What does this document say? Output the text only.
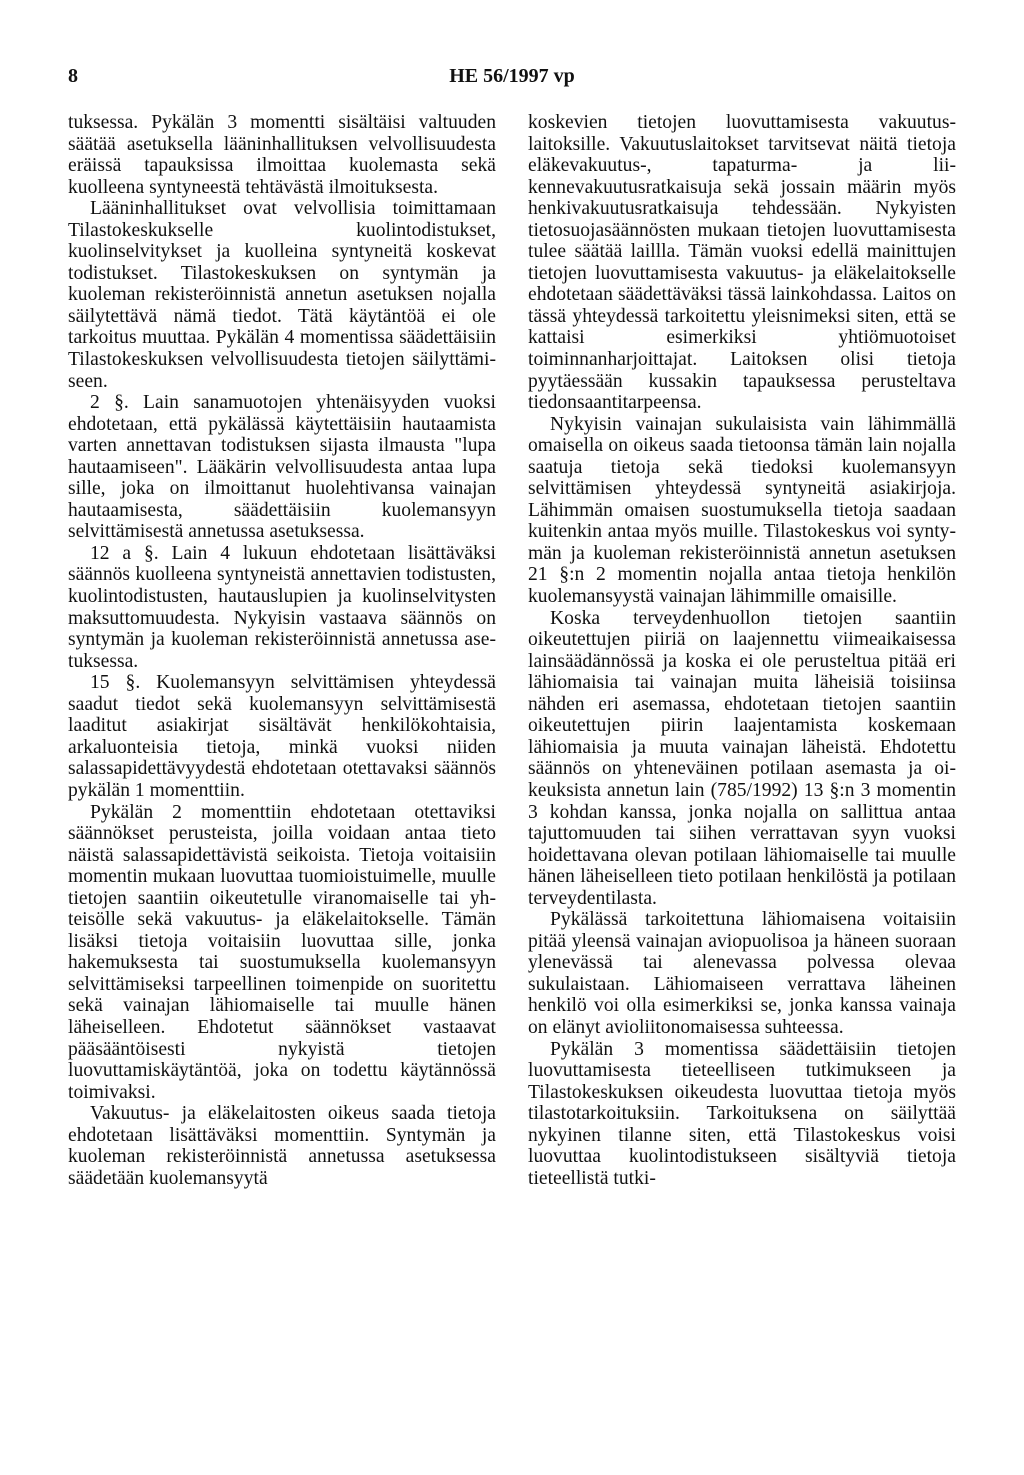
8	HE 56/1997 vp

tuksessa. Pykälän 3 momentti sisältäisi valtuuden säätää asetuksella lääninhallituksen velvollisuudesta eräissä tapauksissa ilmoittaa kuolemasta sekä kuolleena syntyneestä tehtävästä ilmoituksesta.

Lääninhallitukset ovat velvollisia toimittamaan Tilastokeskukselle kuolintodistukset, kuolinselvitykset ja kuolleina syntyneitä koskevat todistukset. Tilastokeskuksen on syntymän ja kuoleman rekisteröinnistä annetun asetuksen nojalla säilytettävä nämä tiedot. Tätä käytäntöä ei ole tarkoitus muuttaa. Pykälän 4 momentissa säädettäisiin Tilastokeskuksen velvollisuudesta tietojen säilyttämiseen.

2 §. Lain sanamuotojen yhtenäisyyden vuoksi ehdotetaan, että pykälässä käytettäisiin hautaamista varten annettavan todistuksen sijasta ilmausta "lupa hautaamiseen". Lääkärin velvollisuudesta antaa lupa sille, joka on ilmoittanut huolehtivansa vainajan hautaamisesta, säädettäisiin kuolemansyyn selvittämisestä annetussa asetuksessa.

12 a §. Lain 4 lukuun ehdotetaan lisättäväksi säännös kuolleena syntyneistä annettavien todistusten, kuolintodistusten, hautauslupien ja kuolinselvitysten maksuttomuudesta. Nykyisin vastaava säännös on syntymän ja kuoleman rekisteröinnistä annetussa asetuksessa.

15 §. Kuolemansyyn selvittämisen yhteydessä saadut tiedot sekä kuolemansyyn selvittämisestä laaditut asiakirjat sisältävät henkilökohtaisia, arkaluonteisia tietoja, minkä vuoksi niiden salassapidettävyydestä ehdotetaan otettavaksi säännös pykälän 1 momenttiin.

Pykälän 2 momenttiin ehdotetaan otettaviksi säännökset perusteista, joilla voidaan antaa tieto näistä salassapidettävistä seikoista. Tietoja voitaisiin momentin mukaan luovuttaa tuomioistuimelle, muulle tietojen saantiin oikeutetulle viranomaiselle tai yhteisölle sekä vakuutus- ja eläkelaitokselle. Tämän lisäksi tietoja voitaisiin luovuttaa sille, jonka hakemuksesta tai suostumuksella kuolemansyyn selvittämiseksi tarpeellinen toimenpide on suoritettu sekä vainajan lähiomaiselle tai muulle hänen läheiselleen. Ehdotetut säännökset vastaavat pääsääntöisesti nykyistä tietojen luovuttamiskäytäntöä, joka on todettu käytännössä toimivaksi.

Vakuutus- ja eläkelaitosten oikeus saada tietoja ehdotetaan lisättäväksi momenttiin. Syntymän ja kuoleman rekisteröinnistä annetussa asetuksessa säädetään kuolemansyytä

koskevien tietojen luovuttamisesta vakuutuslaitoksille. Vakuutuslaitokset tarvitsevat näitä tietoja eläkevakuutus-, tapaturma- ja liikennevakuutusratkaisuja sekä jossain määrin myös henkivakuutusratkaisuja tehdessään. Nykyisten tietosuojasäännösten mukaan tietojen luovuttamisesta tulee säätää laillla. Tämän vuoksi edellä mainittujen tietojen luovuttamisesta vakuutus- ja eläkelaitokselle ehdotetaan säädettäväksi tässä lainkohdassa. Laitos on tässä yhteydessä tarkoitettu yleisnimeksi siten, että se kattaisi esimerkiksi yhtiömuotoiset toiminnanharjoittajat. Laitoksen olisi tietoja pyytäessään kussakin tapauksessa perusteltava tiedonsaantitarpeensa.

Nykyisin vainajan sukulaisista vain lähimmällä omaisella on oikeus saada tietoonsa tämän lain nojalla saatuja tietoja sekä tiedoksi kuolemansyyn selvittämisen yhteydessä syntyneitä asiakirjoja. Lähimmän omaisen suostumuksella tietoja saadaan kuitenkin antaa myös muille. Tilastokeskus voi syntymän ja kuoleman rekisteröinnistä annetun asetuksen 21 §:n 2 momentin nojalla antaa tietoja henkilön kuolemansyystä vainajan lähimmille omaisille.

Koska terveydenhuollon tietojen saantiin oikeutettujen piiriä on laajennettu viimeaikaisessa lainsäädännössä ja koska ei ole perusteltua pitää eri lähiomaisia tai vainajan muita läheisiä toisiinsa nähden eri asemassa, ehdotetaan tietojen saantiin oikeutettujen piirin laajentamista koskemaan lähiomaisia ja muuta vainajan läheistä. Ehdotettu säännös on yhteneväinen potilaan asemasta ja oikeuksista annetun lain (785/1992) 13 §:n 3 momentin 3 kohdan kanssa, jonka nojalla on sallittua antaa tajuttomuuden tai siihen verrattavan syyn vuoksi hoidettavana olevan potilaan lähiomaiselle tai muulle hänen läheiselleen tieto potilaan henkilöstä ja potilaan terveydentilasta.

Pykälässä tarkoitettuna lähiomaisena voitaisiin pitää yleensä vainajan aviopuolisoa ja häneen suoraan ylenevässä tai alenevassa polvessa olevaa sukulaistaan. Lähiomaiseen verrattava läheinen henkilö voi olla esimerkiksi se, jonka kanssa vainaja on elänyt avioliitonomaisessa suhteessa.

Pykälän 3 momentissa säädettäisiin tietojen luovuttamisesta tieteelliseen tutkimukseen ja Tilastokeskuksen oikeudesta luovuttaa tietoja myös tilastotarkoituksiin. Tarkoituksena on säilyttää nykyinen tilanne siten, että Tilastokeskus voisi luovuttaa kuolintodistukseen sisältyviä tietoja tieteellistä tutki-
